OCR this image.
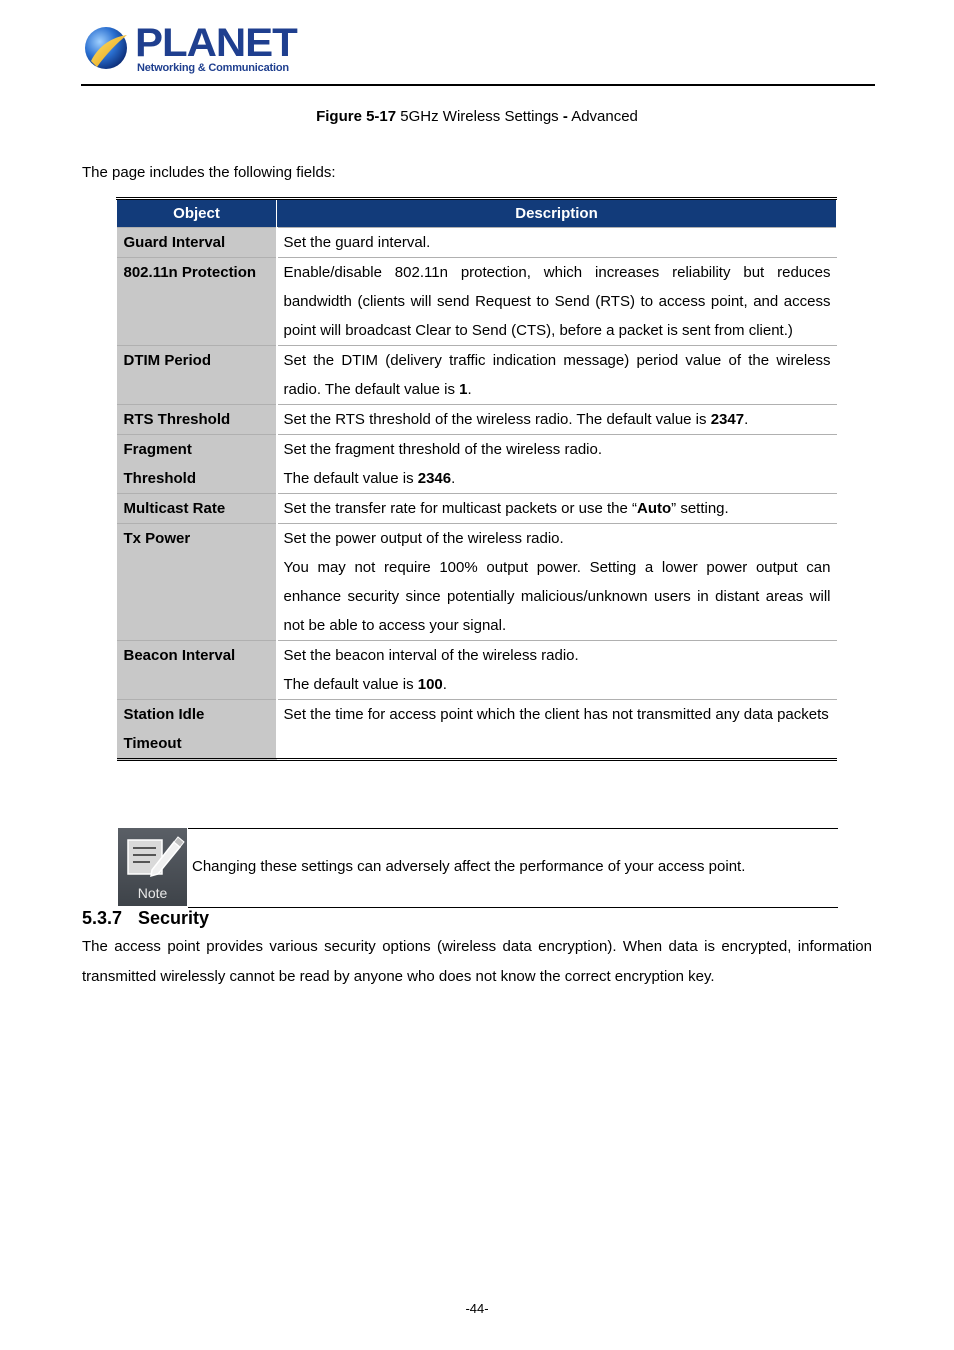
PLANET
Networking & Communication
Figure 5-17 5GHz Wireless Settings - Advanced
The page includes the following fields:
Object	Description

Guard Interval	Set the guard interval.

802.11n Protection	Enable/disable 802.11n protection, which increases reliability but reduces bandwidth (clients will send Request to Send (RTS) to access point, and access point will broadcast Clear to Send (CTS), before a packet is sent from client.)

DTIM Period	Set the DTIM (delivery traffic indication message) period value of the wireless radio. The default value is 1.

RTS Threshold	Set the RTS threshold of the wireless radio. The default value is 2347.

Fragment
Threshold	Set the fragment threshold of the wireless radio.
The default value is 2346.

Multicast Rate	Set the transfer rate for multicast packets or use the “Auto” setting.

Tx Power	Set the power output of the wireless radio.
You may not require 100% output power. Setting a lower power output can enhance security since potentially malicious/unknown users in distant areas will not be able to access your signal.

Beacon Interval	Set the beacon interval of the wireless radio.
The default value is 100.

Station Idle
Timeout	Set the time for access point which the client has not transmitted any data packets
Note
Changing these settings can adversely affect the performance of your access point.
5.3.7 Security
The access point provides various security options (wireless data encryption). When data is encrypted, information transmitted wirelessly cannot be read by anyone who does not know the correct encryption key.
-44-
